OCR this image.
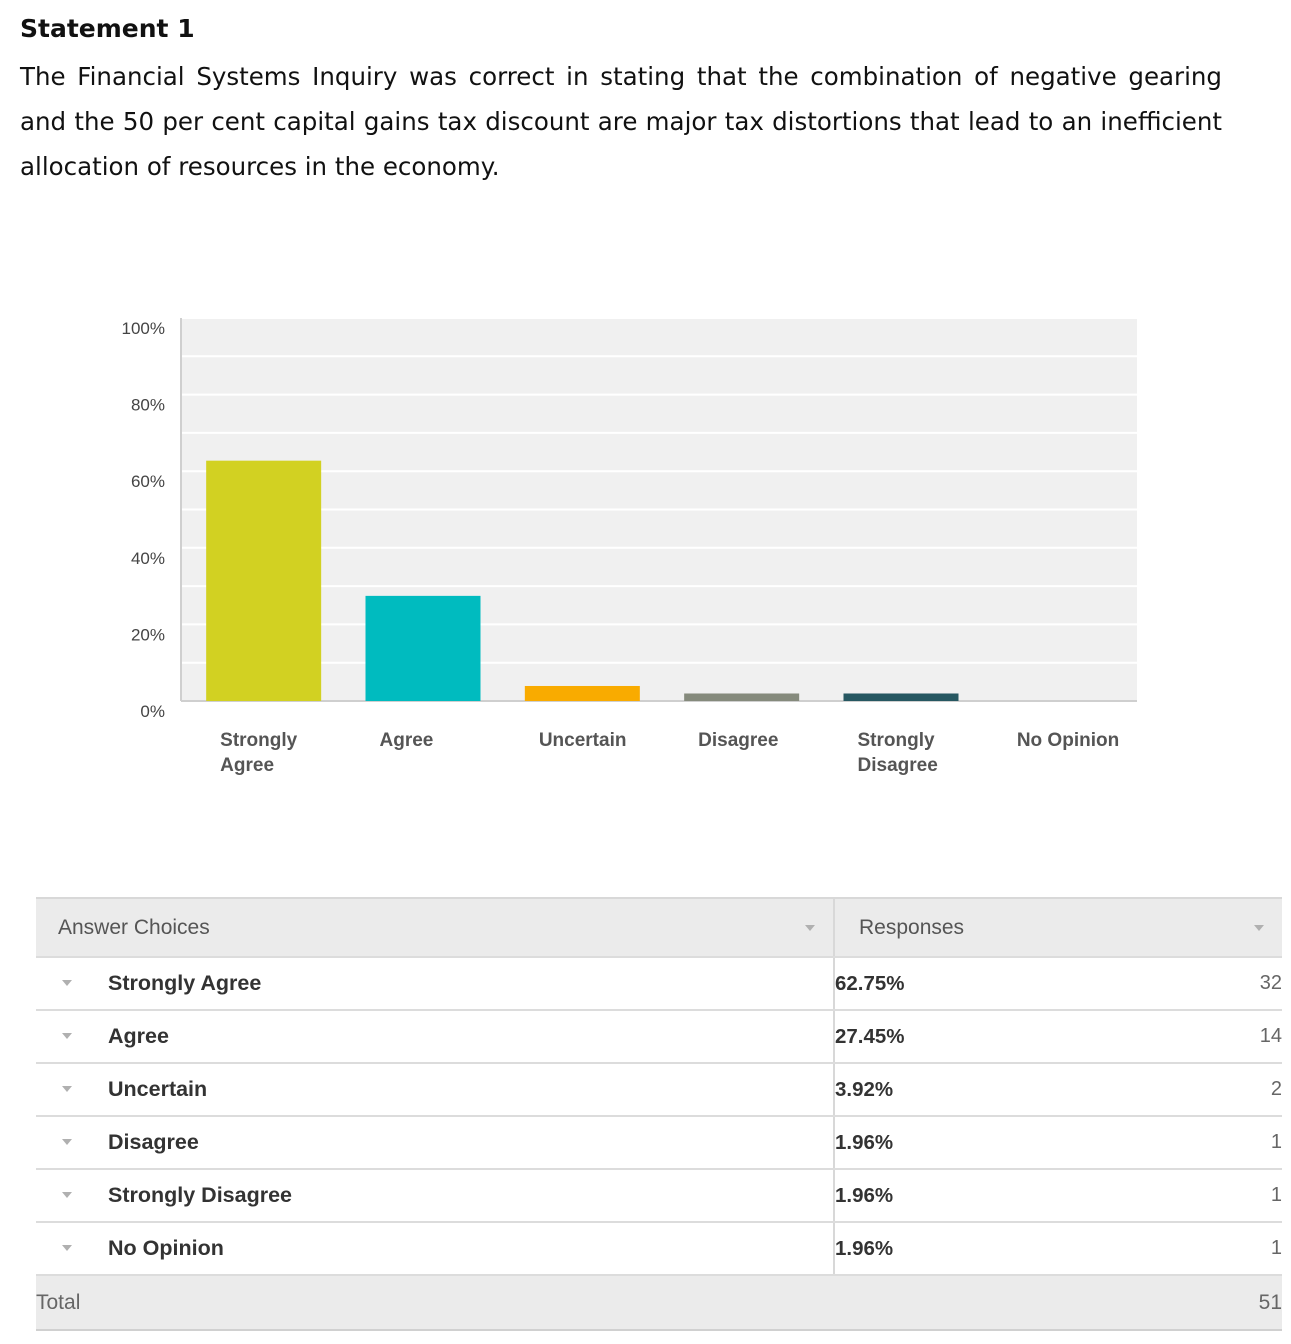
Statement 1
The Financial Systems Inquiry was correct in stating that the combination of negative gearing and the 50 per cent capital gains tax discount are major tax distortions that lead to an inefficient allocation of resources in the economy.
0%
20%
40%
60%
80%
100%
Strongly Agree
Agree	Uncertain	Disagree	Strongly Disagree
No Opinion
Answer Choices	Responses	

Strongly Agree	62.75%	32

Agree	27.45%	14

Uncertain	3.92%	2

Disagree	1.96%	1

Strongly Disagree	1.96%	1

No Opinion	1.96%	1
Total		51
